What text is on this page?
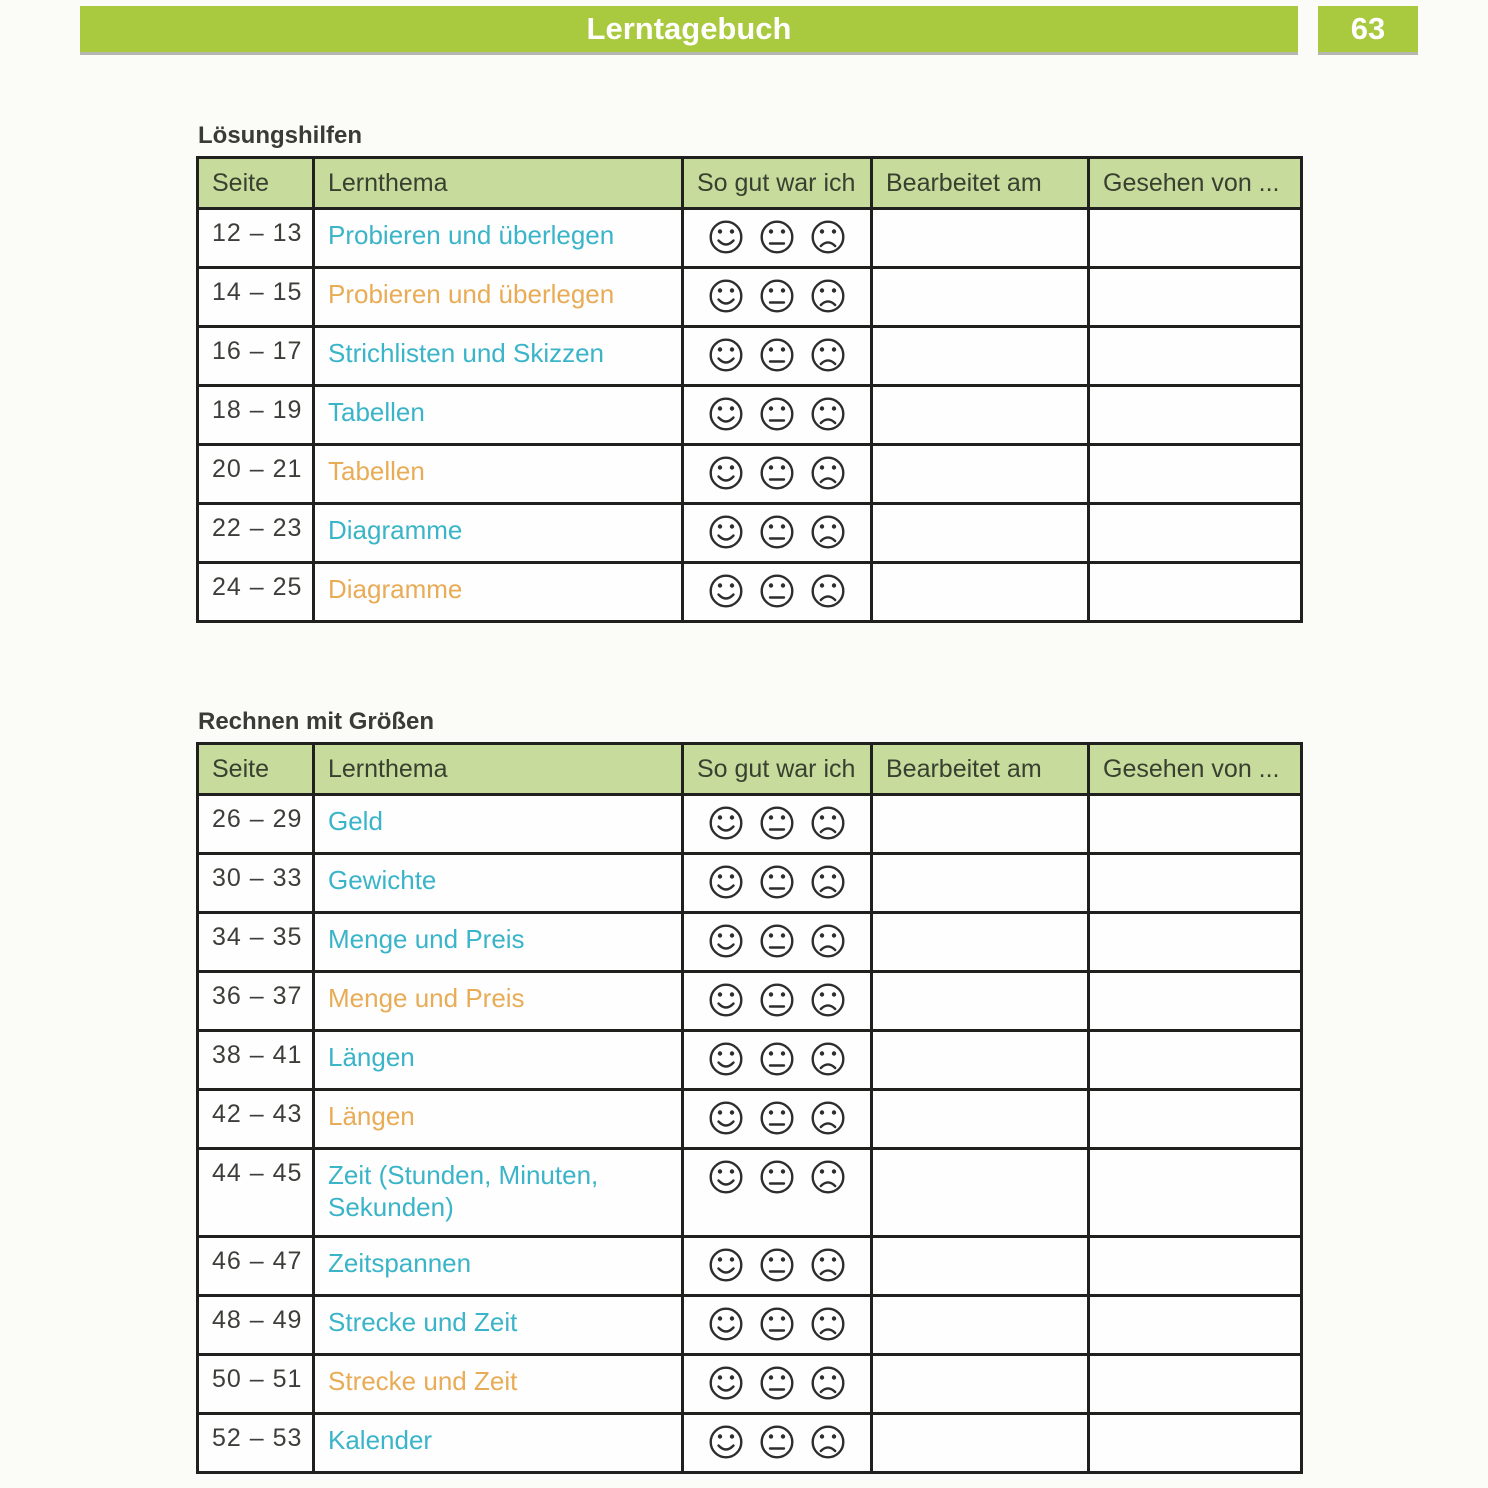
Lerntagebuch	63
Lösungshilfen
Seite	Lernthema	So gut war ich	Bearbeitet am	Gesehen von ...
12 – 13	Probieren und überlegen	

14 – 15	Probieren und überlegen	

16 – 17	Strichlisten und Skizzen	

18 – 19	Tabellen	

20 – 21	Tabellen	

22 – 23	Diagramme	

24 – 25	Diagramme	

Rechnen mit Größen
Seite	Lernthema	So gut war ich	Bearbeitet am	Gesehen von ...
26 – 29	Geld	

30 – 33	Gewichte	

34 – 35	Menge und Preis	

36 – 37	Menge und Preis	

38 – 41	Längen	

42 – 43	Längen	

44 – 45	Zeit (Stunden, Minuten, Sekunden)	

46 – 47	Zeitspannen	

48 – 49	Strecke und Zeit	

50 – 51	Strecke und Zeit	

52 – 53	Kalender	
